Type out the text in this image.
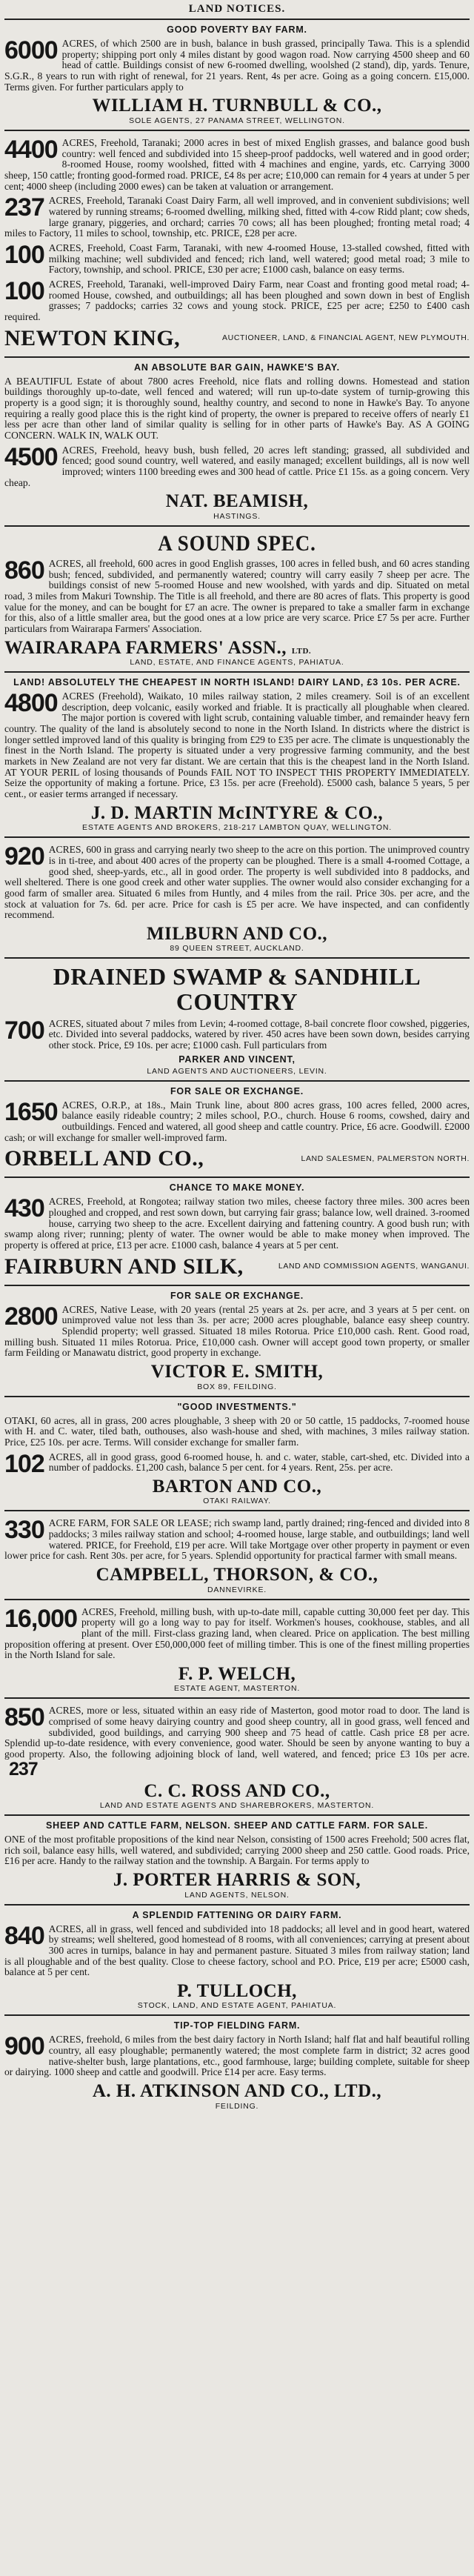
LAND NOTICES.
GOOD POVERTY BAY FARM.
6000 ACRES, of which 2500 are in bush, balance in bush grassed, principally Tawa. This is a splendid property; shipping port only 4 miles distant by good wagon road. Now carrying 4500 sheep and 60 head of cattle. Buildings consist of new 6-roomed dwelling, woolshed (2 stand), dip, yards. Tenure, S.G.R., 8 years to run with right of renewal, for 21 years. Rent, 4s per acre. Going as a going concern. £15,000. Terms given. For further particulars apply to
WILLIAM H. TURNBULL & CO.,
SOLE AGENTS, 27 PANAMA STREET, WELLINGTON.
4400 ACRES, Freehold, Taranaki; 2000 acres in best of mixed English grasses, and balance good bush country: well fenced and subdivided into 15 sheep-proof paddocks, well watered and in good order; 8-roomed House, roomy woolshed, fitted with 4 machines and engine, yards, etc. Carrying 3000 sheep, 150 cattle; fronting good-formed road. PRICE, £4 8s per acre; £10,000 can remain for 4 years at under 5 per cent; 4000 sheep (including 2000 ewes) can be taken at valuation or arrangement.
237 ACRES, Freehold, Taranaki Coast Dairy Farm, all well improved, and in convenient subdivisions; well watered by running streams; 6-roomed dwelling, milking shed, fitted with 4-cow Ridd plant; cow sheds, large granary, piggeries, and orchard; carries 70 cows; all has been ploughed; fronting metal road; 4 miles to Factory, 11 miles to school, township, etc. PRICE, £28 per acre.
100 ACRES, Freehold, Coast Farm, Taranaki, with new 4-roomed House, 13-stalled cowshed, fitted with milking machine; well subdivided and fenced; rich land, well watered; good metal road; 3 mile to Factory, township, and school. PRICE, £30 per acre; £1000 cash, balance on easy terms.
100 ACRES, Freehold, Taranaki, well-improved Dairy Farm, near Coast and fronting good metal road; 4-roomed House, cowshed, and outbuildings; all has been ploughed and sown down in best of English grasses; 7 paddocks; carries 32 cows and young stock. PRICE, £25 per acre; £250 to £400 cash required.
NEWTON KING,	AUCTIONEER, LAND, & FINANCIAL AGENT, NEW PLYMOUTH.
AN ABSOLUTE BAR GAIN, HAWKE'S BAY.
A BEAUTIFUL Estate of about 7800 acres Freehold, nice flats and rolling downs. Homestead and station buildings thoroughly up-to-date, well fenced and watered; will run up-to-date system of turnip-growing this property is a good sign; it is thoroughly sound, healthy country, and second to none in Hawke's Bay. To anyone requiring a really good place this is the right kind of property, the owner is prepared to receive offers of nearly £1 less per acre than other land of similar quality is selling for in other parts of Hawke's Bay. AS A GOING CONCERN. WALK IN, WALK OUT.
4500 ACRES, Freehold, heavy bush, bush felled, 20 acres left standing; grassed, all subdivided and fenced; good sound country, well watered, and easily managed; excellent buildings, all is now well improved; winters 1100 breeding ewes and 300 head of cattle. Price £1 15s. as a going concern. Very cheap.
NAT. BEAMISH,
HASTINGS.
A SOUND SPEC.
860 ACRES, all freehold, 600 acres in good English grasses, 100 acres in felled bush, and 60 acres standing bush; fenced, subdivided, and permanently watered; country will carry easily 7 sheep per acre. The buildings consist of new 5-roomed House and new woolshed, with yards and dip. Situated on metal road, 3 miles from Makuri Township. The Title is all freehold, and there are 80 acres of flats. This property is good value for the money, and can be bought for £7 an acre. The owner is prepared to take a smaller farm in exchange for this, also of a little smaller area, but the good ones at a low price are very scarce. Price £7 5s per acre. Further particulars from Wairarapa Farmers' Association.
WAIRARAPA FARMERS' ASSN., LTD.
LAND, ESTATE, AND FINANCE AGENTS, PAHIATUA.
LAND! ABSOLUTELY THE CHEAPEST IN NORTH ISLAND! DAIRY LAND, £3 10s. PER ACRE.
4800 ACRES (Freehold), Waikato, 10 miles railway station, 2 miles creamery. Soil is of an excellent description, deep volcanic, easily worked and friable. It is practically all ploughable when cleared. The major portion is covered with light scrub, containing valuable timber, and remainder heavy fern country. The quality of the land is absolutely second to none in the North Island. In districts where the district is longer settled improved land of this quality is bringing from £29 to £35 per acre. The climate is unquestionably the finest in the North Island. The property is situated under a very progressive farming community, and the best markets in New Zealand are not very far distant. We are certain that this is the cheapest land in the North Island. AT YOUR PERIL of losing thousands of Pounds FAIL NOT TO INSPECT THIS PROPERTY IMMEDIATELY. Seize the opportunity of making a fortune. Price, £3 15s. per acre (Freehold). £5000 cash, balance 5 years, 5 per cent., or easier terms arranged if necessary.
J. D. MARTIN McINTYRE & CO.,
ESTATE AGENTS AND BROKERS, 218-217 LAMBTON QUAY, WELLINGTON.
920 ACRES, 600 in grass and carrying nearly two sheep to the acre on this portion. The unimproved country is in ti-tree, and about 400 acres of the property can be ploughed. There is a small 4-roomed Cottage, a good shed, sheep-yards, etc., all in good order. The property is well subdivided into 8 paddocks, and well sheltered. There is one good creek and other water supplies. The owner would also consider exchanging for a good farm of smaller area. Situated 6 miles from Huntly, and 4 miles from the rail. Price 30s. per acre, and the stock at valuation for 7s. 6d. per acre. Price for cash is £5 per acre. We have inspected, and can confidently recommend.
MILBURN AND CO.,
89 QUEEN STREET, AUCKLAND.
DRAINED SWAMP & SANDHILL COUNTRY
700 ACRES, situated about 7 miles from Levin; 4-roomed cottage, 8-bail concrete floor cowshed, piggeries, etc. Divided into several paddocks, watered by river. 450 acres have been sown down, besides carrying other stock. Price, £9 10s. per acre; £1000 cash. Full particulars from
PARKER AND VINCENT,
LAND AGENTS AND AUCTIONEERS, LEVIN.
FOR SALE OR EXCHANGE.
1650 ACRES, O.R.P., at 18s., Main Trunk line, about 800 acres grass, 100 acres felled, 2000 acres, balance easily rideable country; 2 miles school, P.O., church. House 6 rooms, cowshed, dairy and outbuildings. Fenced and watered, all good sheep and cattle country. Price, £6 acre. Goodwill. £2000 cash; or will exchange for smaller well-improved farm.
ORBELL AND CO.,	LAND SALESMEN, PALMERSTON NORTH.
CHANCE TO MAKE MONEY.
430 ACRES, Freehold, at Rongotea; railway station two miles, cheese factory three miles. 300 acres been ploughed and cropped, and rest sown down, but carrying fair grass; balance low, well drained. 3-roomed house, carrying two sheep to the acre. Excellent dairying and fattening country. A good bush run; with swamp along river; running; plenty of water. The owner would be able to make money when improved. The property is offered at price, £13 per acre. £1000 cash, balance 4 years at 5 per cent.
FAIRBURN AND SILK,	LAND AND COMMISSION AGENTS, WANGANUI.
FOR SALE OR EXCHANGE.
2800 ACRES, Native Lease, with 20 years (rental 25 years at 2s. per acre, and 3 years at 5 per cent. on unimproved value not less than 3s. per acre; 2000 acres ploughable, balance easy sheep country. Splendid property; well grassed. Situated 18 miles Rotorua. Price £10,000 cash. Rent. Good road, milling bush. Situated 11 miles Rotorua. Price, £10,000 cash. Owner will accept good town property, or smaller farm Feilding or Manawatu district, good property in exchange.
VICTOR E. SMITH,
BOX 89, FEILDING.
"GOOD INVESTMENTS."
OTAKI, 60 acres, all in grass, 200 acres ploughable, 3 sheep with 20 or 50 cattle, 15 paddocks, 7-roomed house with H. and C. water, tiled bath, outhouses, also wash-house and shed, with machines, 3 miles railway station. Price, £25 10s. per acre. Terms. Will consider exchange for smaller farm.
102 ACRES, all in good grass, good 6-roomed house, h. and c. water, stable, cart-shed, etc. Divided into a number of paddocks. £1,200 cash, balance 5 per cent. for 4 years. Rent, 25s. per acre.
BARTON AND CO.,
OTAKI RAILWAY.
330 ACRE FARM, FOR SALE OR LEASE; rich swamp land, partly drained; ring-fenced and divided into 8 paddocks; 3 miles railway station and school; 4-roomed house, large stable, and outbuildings; land well watered. PRICE, for Freehold, £19 per acre. Will take Mortgage over other property in payment or even lower price for cash. Rent 30s. per acre, for 5 years. Splendid opportunity for practical farmer with small means.
CAMPBELL, THORSON, & CO.,
DANNEVIRKE.
16,000 ACRES, Freehold, milling bush, with up-to-date mill, capable cutting 30,000 feet per day. This property will go a long way to pay for itself. Workmen's houses, cookhouse, stables, and all plant of the mill. First-class grazing land, when cleared. Price on application. The best milling proposition offering at present. Over £50,000,000 feet of milling timber. This is one of the finest milling properties in the North Island for sale.
F. P. WELCH,
ESTATE AGENT, MASTERTON.
850 ACRES, more or less, situated within an easy ride of Masterton, good motor road to door. The land is comprised of some heavy dairying country and good sheep country, all in good grass, well fenced and subdivided, good buildings, and carrying 900 sheep and 75 head of cattle. Cash price £8 per acre. Splendid up-to-date residence, with every convenience, good water. Should be seen by anyone wanting to buy a good property. Also, the following adjoining block of land, well watered, and fenced; price £3 10s per acre. 237
C. C. ROSS AND CO.,
LAND AND ESTATE AGENTS AND SHAREBROKERS, MASTERTON.
SHEEP AND CATTLE FARM, NELSON. SHEEP AND CATTLE FARM. FOR SALE.
ONE of the most profitable propositions of the kind near Nelson, consisting of 1500 acres Freehold; 500 acres flat, rich soil, balance easy hills, well watered, and subdivided; carrying 2000 sheep and 250 cattle. Good roads. Price, £16 per acre. Handy to the railway station and the township. A Bargain. For terms apply to
J. PORTER HARRIS & SON,
LAND AGENTS, NELSON.
A SPLENDID FATTENING OR DAIRY FARM.
840 ACRES, all in grass, well fenced and subdivided into 18 paddocks; all level and in good heart, watered by streams; well sheltered, good homestead of 8 rooms, with all conveniences; carrying at present about 300 acres in turnips, balance in hay and permanent pasture. Situated 3 miles from railway station; land is all ploughable and of the best quality. Close to cheese factory, school and P.O. Price, £19 per acre; £5000 cash, balance at 5 per cent.
P. TULLOCH,
STOCK, LAND, AND ESTATE AGENT, PAHIATUA.
TIP-TOP FIELDING FARM.
900 ACRES, freehold, 6 miles from the best dairy factory in North Island; half flat and half beautiful rolling country, all easy ploughable; permanently watered; the most complete farm in district; 32 acres good native-shelter bush, large plantations, etc., good farmhouse, large; building complete, suitable for sheep or dairying. 1000 sheep and cattle and goodwill. Price £14 per acre. Easy terms.
A. H. ATKINSON AND CO., LTD.,
FEILDING.
